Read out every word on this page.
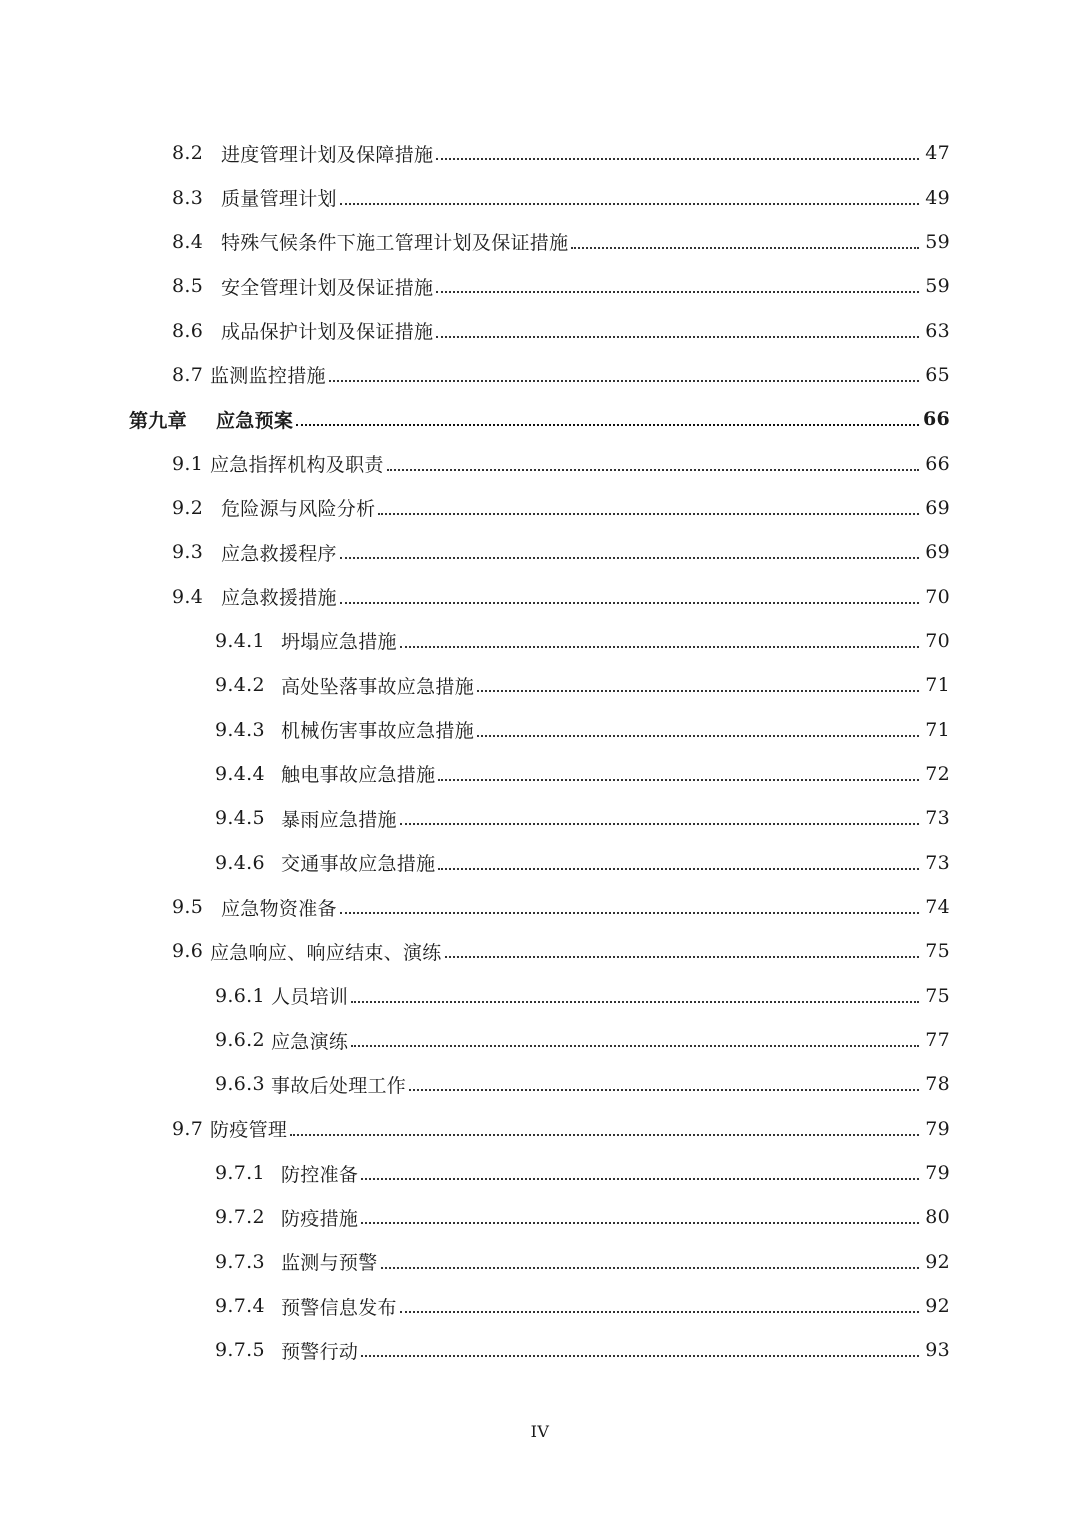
8.2 进度管理计划及保障措施	47
8.3 质量管理计划	49
8.4 特殊气候条件下施工管理计划及保证措施	59
8.5 安全管理计划及保证措施	59
8.6 成品保护计划及保证措施	63
8.7 监测监控措施	65
第九章	应急预案	66
9.1 应急指挥机构及职责	66
9.2 危险源与风险分析	69
9.3 应急救援程序	69
9.4 应急救援措施	70
9.4.1 坍塌应急措施	70
9.4.2 高处坠落事故应急措施	71
9.4.3 机械伤害事故应急措施	71
9.4.4 触电事故应急措施	72
9.4.5 暴雨应急措施	73
9.4.6 交通事故应急措施	73
9.5 应急物资准备	74
9.6 应急响应、响应结束、演练	75
9.6.1 人员培训	75
9.6.2 应急演练	77
9.6.3 事故后处理工作	78
9.7 防疫管理	79
9.7.1 防控准备	79
9.7.2 防疫措施	80
9.7.3 监测与预警	92
9.7.4 预警信息发布	92
9.7.5 预警行动	93
IV
